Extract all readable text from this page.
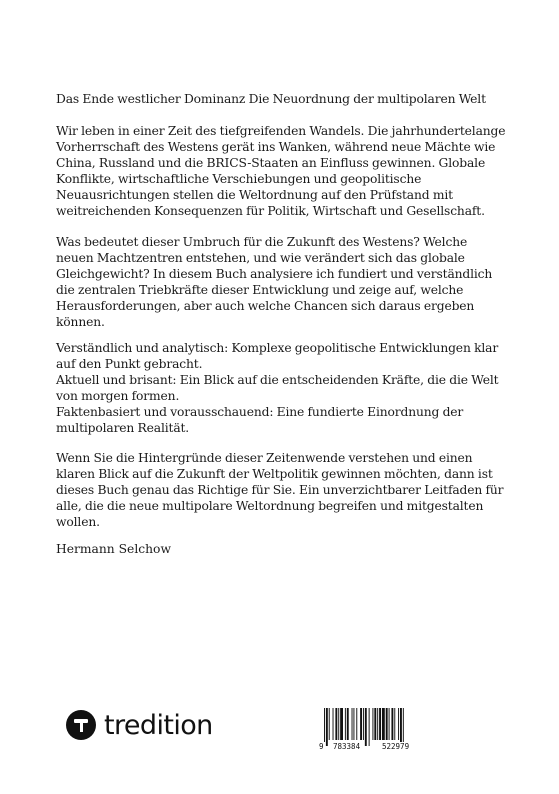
Das Ende westlicher Dominanz Die Neuordnung der multipolaren Welt

Wir leben in einer Zeit des tiefgreifenden Wandels. Die jahrhundertelange
Vorherrschaft des Westens gerät ins Wanken, während neue Mächte wie
China, Russland und die BRICS-Staaten an Einfluss gewinnen. Globale
Konflikte, wirtschaftliche Verschiebungen und geopolitische
Neuausrichtungen stellen die Weltordnung auf den Prüfstand mit
weitreichenden Konsequenzen für Politik, Wirtschaft und Gesellschaft.

Was bedeutet dieser Umbruch für die Zukunft des Westens? Welche
neuen Machtzentren entstehen, und wie verändert sich das globale
Gleichgewicht? In diesem Buch analysiere ich fundiert und verständlich
die zentralen Triebkräfte dieser Entwicklung und zeige auf, welche
Herausforderungen, aber auch welche Chancen sich daraus ergeben
können.

Verständlich und analytisch: Komplexe geopolitische Entwicklungen klar
auf den Punkt gebracht.
Aktuell und brisant: Ein Blick auf die entscheidenden Kräfte, die die Welt
von morgen formen.
Faktenbasiert und vorausschauend: Eine fundierte Einordnung der
multipolaren Realität.

Wenn Sie die Hintergründe dieser Zeitenwende verstehen und einen
klaren Blick auf die Zukunft der Weltpolitik gewinnen möchten, dann ist
dieses Buch genau das Richtige für Sie. Ein unverzichtbarer Leitfaden für
alle, die die neue multipolare Weltordnung begreifen und mitgestalten
wollen.

Hermann Selchow
tredition
9 783384	522979
